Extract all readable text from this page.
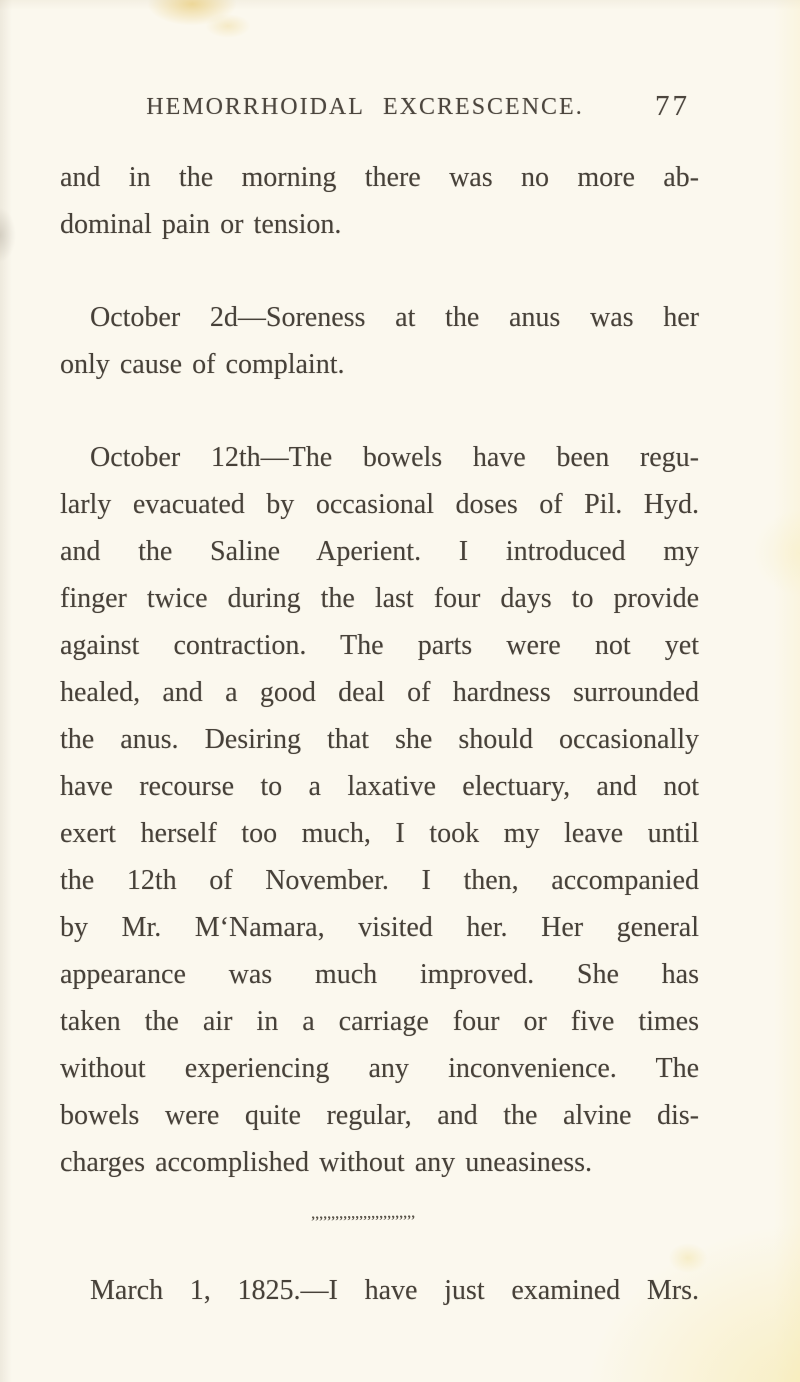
HEMORRHOIDAL EXCRESCENCE.	77
and in the morning there was no more ab-
dominal pain or tension.
October 2d—Soreness at the anus was her
only cause of complaint.
October 12th—The bowels have been regu-
larly evacuated by occasional doses of Pil. Hyd.
and the Saline Aperient. I introduced my
finger twice during the last four days to provide
against contraction. The parts were not yet
healed, and a good deal of hardness surrounded
the anus. Desiring that she should occasionally
have recourse to a laxative electuary, and not
exert herself too much, I took my leave until
the 12th of November. I then, accompanied
by Mr. M‘Namara, visited her. Her general
appearance was much improved. She has
taken the air in a carriage four or five times
without experiencing any inconvenience. The
bowels were quite regular, and the alvine dis-
charges accomplished without any uneasiness.
,,,,,,,,,,,,,,,,,,,,,,,,,,
March 1, 1825.—I have just examined Mrs.
